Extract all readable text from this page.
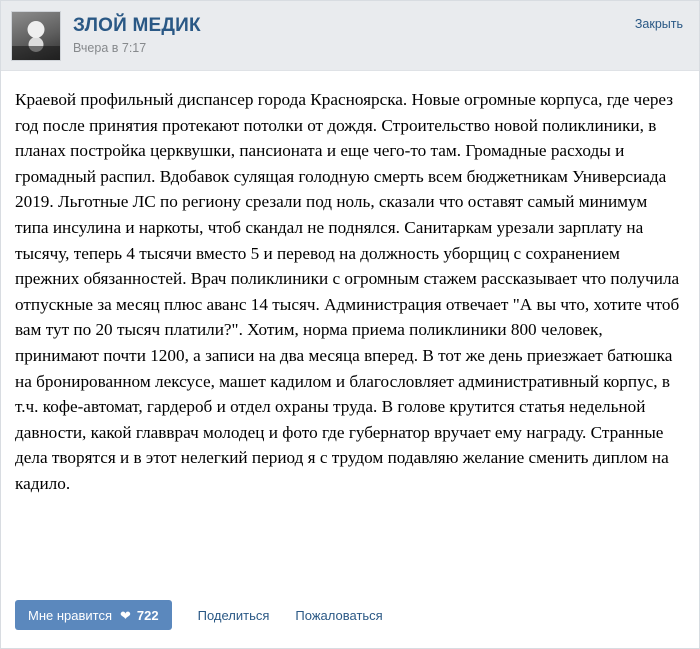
ЗЛОЙ МЕДИК
Вчера в 7:17
Закрыть

Краевой профильный диспансер города Красноярска. Новые огромные корпуса, где через год после принятия протекают потолки от дождя. Строительство новой поликлиники, в планах постройка церквушки, пансионата и еще чего-то там. Громадные расходы и громадный распил. Вдобавок сулящая голодную смерть всем бюджетникам Универсиада 2019. Льготные ЛС по региону срезали под ноль, сказали что оставят самый минимум типа инсулина и наркоты, чтоб скандал не поднялся. Санитаркам урезали зарплату на тысячу, теперь 4 тысячи вместо 5 и перевод на должность уборщиц с сохранением прежних обязанностей. Врач поликлиники с огромным стажем рассказывает что получила отпускные за месяц плюс аванс 14 тысяч. Администрация отвечает "А вы что, хотите чтоб вам тут по 20 тысяч платили?". Хотим, норма приема поликлиники 800 человек, принимают почти 1200, а записи на два месяца вперед. В тот же день приезжает батюшка на бронированном лексусе, машет кадилом и благословляет административный корпус, в т.ч. кофе-автомат, гардероб и отдел охраны труда. В голове крутится статья недельной давности, какой главврач молодец и фото где губернатор вручает ему награду. Странные дела творятся и в этот нелегкий период я с трудом подавляю желание сменить диплом на кадило.

Мне нравится ❤ 722	Поделиться Пожаловаться
